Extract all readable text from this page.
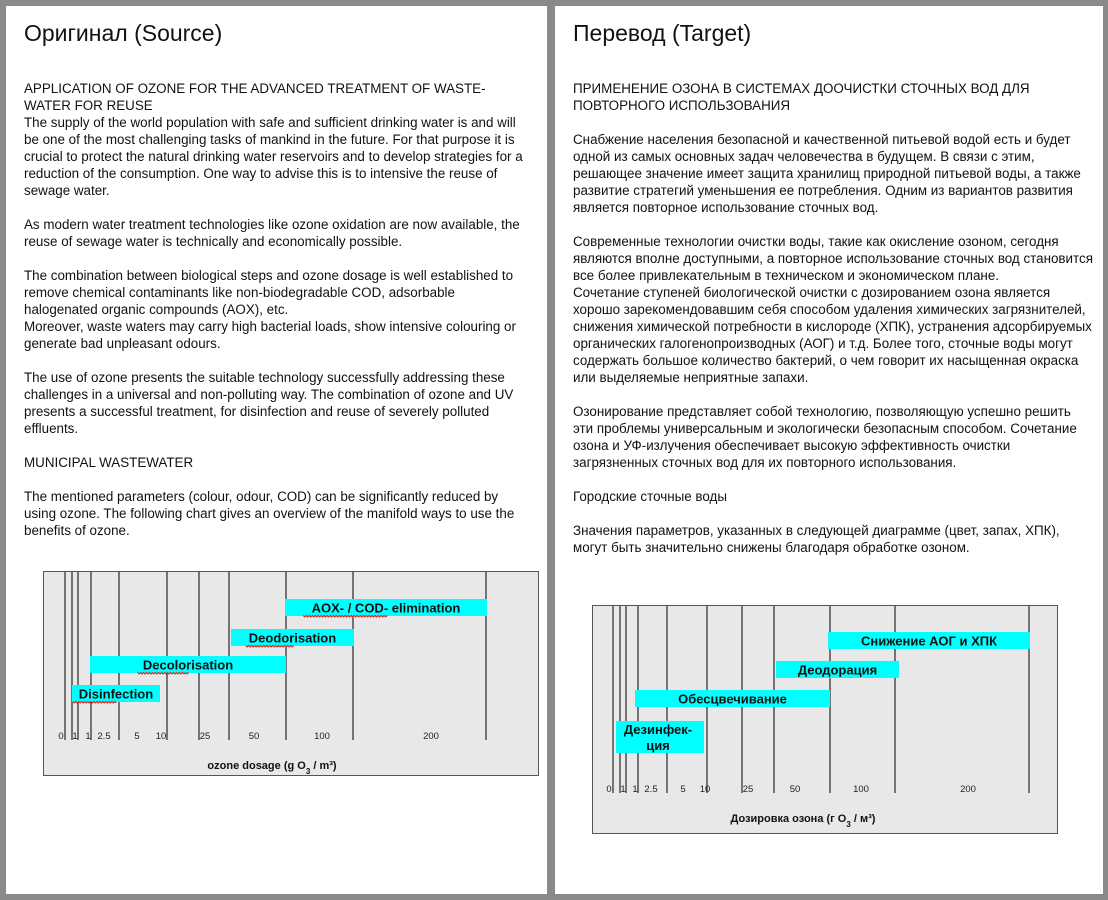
Оригинал (Source)

APPLICATION OF OZONE FOR THE ADVANCED TREATMENT OF WASTE-
WATER FOR REUSE

The supply of the world population with safe and sufficient drinking water is and will be one of the most challenging tasks of mankind in the future. For that purpose it is crucial to protect the natural drinking water reservoirs and to develop strategies for a reduction of the consumption. One way to advise this is to intensive the reuse of sewage water.

As modern water treatment technologies like ozone oxidation are now available, the reuse of sewage water is technically and economically possible.

The combination between biological steps and ozone dosage is well established to remove chemical contaminants like non-biodegradable COD, adsorbable halogenated organic compounds (AOX), etc.

Moreover, waste waters may carry high bacterial loads, show intensive colouring or generate bad unpleasant odours.

The use of ozone presents the suitable technology successfully addressing these challenges in a universal and non-polluting way. The combination of ozone and UV presents a successful treatment, for disinfection and reuse of severely polluted effluents.

MUNICIPAL WASTEWATER

The mentioned parameters (colour, odour, COD) can be significantly reduced by using ozone. The following chart gives an overview of the manifold ways to use the benefits of ozone.

0 1 1 2.5 5 10	25	50	100	200
Disinfection
Decolorisation
Deodorisation
AOX- / COD- elimination
ozone dosage (g $O_3 / m^3$)
Перевод (Target)

ПРИМЕНЕНИЕ ОЗОНА В СИСТЕМАХ ДООЧИСТКИ СТОЧНЫХ ВОД ДЛЯ
ПОВТОРНОГО ИСПОЛЬЗОВАНИЯ

Снабжение населения безопасной и качественной питьевой водой есть и будет одной из самых основных задач человечества в будущем. В связи с этим, решающее значение имеет защита хранилищ природной питьевой воды, а также развитие стратегий уменьшения ее потребления. Одним из вариантов развития является повторное использование сточных вод.

Современные технологии очистки воды, такие как окисление озоном, сегодня являются вполне доступными, а повторное использование сточных вод становится все более привлекательным в техническом и экономическом плане.

Сочетание ступеней биологической очистки с дозированием озона является хорошо зарекомендовавшим себя способом удаления химических загрязнителей, снижения химической потребности в кислороде (ХПК), устранения адсорбируемых органических галогенопроизводных (АОГ) и т.д. Более того, сточные воды могут содержать большое количество бактерий, о чем говорит их насыщенная окраска или выделяемые неприятные запахи.

Озонирование представляет собой технологию, позволяющую успешно решить эти проблемы универсальным и экологически безопасным способом. Сочетание озона и УФ-излучения обеспечивает высокую эффективность очистки загрязненных сточных вод для их повторного использования.

Городские сточные воды

Значения параметров, указанных в следующей диаграмме (цвет, запах, ХПК), могут быть значительно снижены благодаря обработке озоном.

0 1 1 2.5 5 10	25	50	100	200
Дезинфек-
ция
Обесцвечивание
Деодорация
Снижение АОГ и ХПК
Дозировка озона (г $O_3 / м^3$)
